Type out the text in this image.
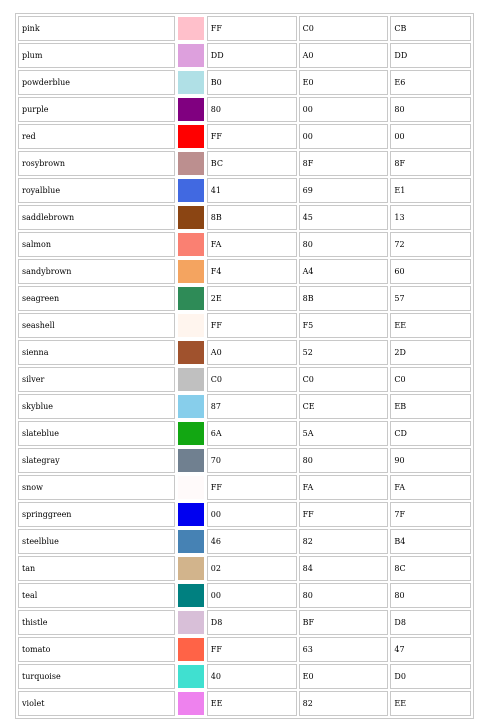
pink		FF	C0	CB
plum		DD	A0	DD
powderblue		B0	E0	E6
purple		80	00	80
red		FF	00	00
rosybrown		BC	8F	8F
royalblue		41	69	E1
saddlebrown		8B	45	13
salmon		FA	80	72
sandybrown		F4	A4	60
seagreen		2E	8B	57
seashell		FF	F5	EE
sienna		A0	52	2D
silver		C0	C0	C0
skyblue		87	CE	EB
slateblue		6A	5A	CD
slategray		70	80	90
snow		FF	FA	FA
springgreen		00	FF	7F
steelblue		46	82	B4
tan		02	84	8C
teal		00	80	80
thistle		D8	BF	D8
tomato		FF	63	47
turquoise		40	E0	D0
violet		EE	82	EE
